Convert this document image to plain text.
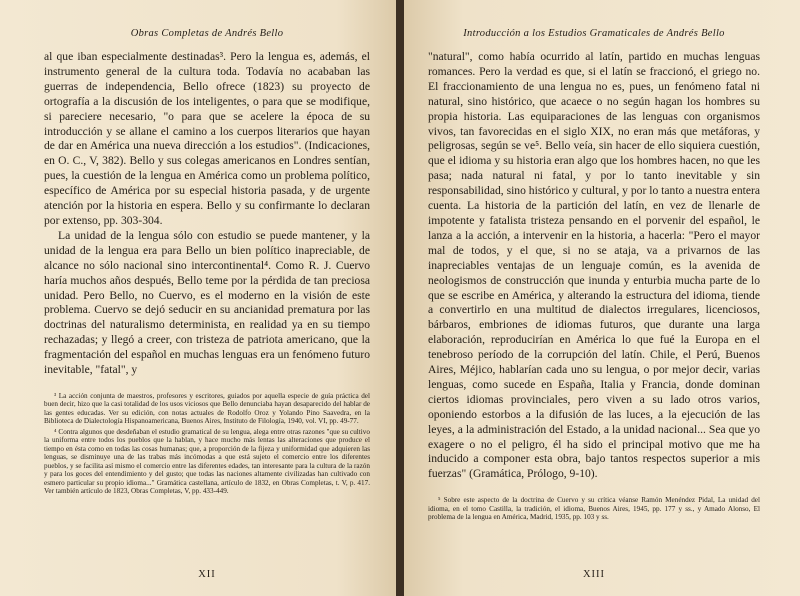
Obras Completas de Andrés Bello

al que iban especialmente destinadas³. Pero la lengua es, además, el instrumento general de la cultura toda. Todavía no acababan las guerras de independencia, Bello ofrece (1823) su proyecto de ortografía a la discusión de los inteligentes, o para que se modifique, si pareciere necesario, "o para que se acelere la época de su introducción y se allane el camino a los cuerpos literarios que hayan de dar en América una nueva dirección a los estudios". (Indicaciones, en O. C., V, 382). Bello y sus colegas americanos en Londres sentían, pues, la cuestión de la lengua en América como un problema político, específico de América por su especial historia pasada, y de urgente atención por la historia en espera. Bello y su confirmante lo declaran por extenso, pp. 303-304.

La unidad de la lengua sólo con estudio se puede mantener, y la unidad de la lengua era para Bello un bien político inapreciable, de alcance no sólo nacional sino intercontinental⁴. Como R. J. Cuervo haría muchos años después, Bello teme por la pérdida de tan preciosa unidad. Pero Bello, no Cuervo, es el moderno en la visión de este problema. Cuervo se dejó seducir en su ancianidad prematura por las doctrinas del naturalismo determinista, en realidad ya en su tiempo rechazadas; y llegó a creer, con tristeza de patriota americano, que la fragmentación del español en muchas lenguas era un fenómeno futuro inevitable, "fatal", y

³ La acción conjunta de maestros, profesores y escritores, guiados por aquella especie de guía práctica del buen decir, hizo que la casi totalidad de los usos viciosos que Bello denunciaba hayan desaparecido del hablar de las gentes educadas. Ver su edición, con notas actuales de Rodolfo Oroz y Yolando Pino Saavedra, en la Biblioteca de Dialectología Hispanoamericana, Buenos Aires, Instituto de Filología, 1940, vol. VI, pp. 49-77.

⁴ Contra algunos que desdeñaban el estudio gramatical de su lengua, alega entre otras razones "que su cultivo la uniforma entre todos los pueblos que la hablan, y hace mucho más lentas las alteraciones que produce el tiempo en ésta como en todas las cosas humanas; que, a proporción de la fijeza y uniformidad que adquieren las lenguas, se disminuye una de las trabas más incómodas a que está sujeto el comercio entre los diferentes pueblos, y se facilita así mismo el comercio entre las diferentes edades, tan interesante para la cultura de la razón y para los goces del entendimiento y del gusto; que todas las naciones altamente civilizadas han cultivado con esmero particular su propio idioma..." Gramática castellana, artículo de 1832, en Obras Completas, t. V, p. 417. Ver también artículo de 1823, Obras Completas, V, pp. 433-449.

XII
Introducción a los Estudios Gramaticales de Andrés Bello

"natural", como había ocurrido al latín, partido en muchas lenguas romances. Pero la verdad es que, si el latín se fraccionó, el griego no. El fraccionamiento de una lengua no es, pues, un fenómeno fatal ni natural, sino histórico, que acaece o no según hagan los hombres su propia historia. Las equiparaciones de las lenguas con organismos vivos, tan favorecidas en el siglo XIX, no eran más que metáforas, y peligrosas, según se ve⁵. Bello veía, sin hacer de ello siquiera cuestión, que el idioma y su historia eran algo que los hombres hacen, no que les pasa; nada natural ni fatal, y por lo tanto inevitable y sin responsabilidad, sino histórico y cultural, y por lo tanto a nuestra entera cuenta. La historia de la partición del latín, en vez de llenarle de impotente y fatalista tristeza pensando en el porvenir del español, le lanza a la acción, a intervenir en la historia, a hacerla: "Pero el mayor mal de todos, y el que, si no se ataja, va a privarnos de las inapreciables ventajas de un lenguaje común, es la avenida de neologismos de construcción que inunda y enturbia mucha parte de lo que se escribe en América, y alterando la estructura del idioma, tiende a convertirlo en una multitud de dialectos irregulares, licenciosos, bárbaros, embriones de idiomas futuros, que durante una larga elaboración, reproducirían en América lo que fué la Europa en el tenebroso período de la corrupción del latín. Chile, el Perú, Buenos Aires, Méjico, hablarían cada uno su lengua, o por mejor decir, varias lenguas, como sucede en España, Italia y Francia, donde dominan ciertos idiomas provinciales, pero viven a su lado otros varios, oponiendo estorbos a la difusión de las luces, a la ejecución de las leyes, a la administración del Estado, a la unidad nacional... Sea que yo exagere o no el peligro, él ha sido el principal motivo que me ha inducido a componer esta obra, bajo tantos respectos superior a mis fuerzas" (Gramática, Prólogo, 9-10).

⁵ Sobre este aspecto de la doctrina de Cuervo y su crítica véanse Ramón Menéndez Pidal, La unidad del idioma, en el tomo Castilla, la tradición, el idioma, Buenos Aires, 1945, pp. 177 y ss., y Amado Alonso, El problema de la lengua en América, Madrid, 1935, pp. 103 y ss.

XIII
